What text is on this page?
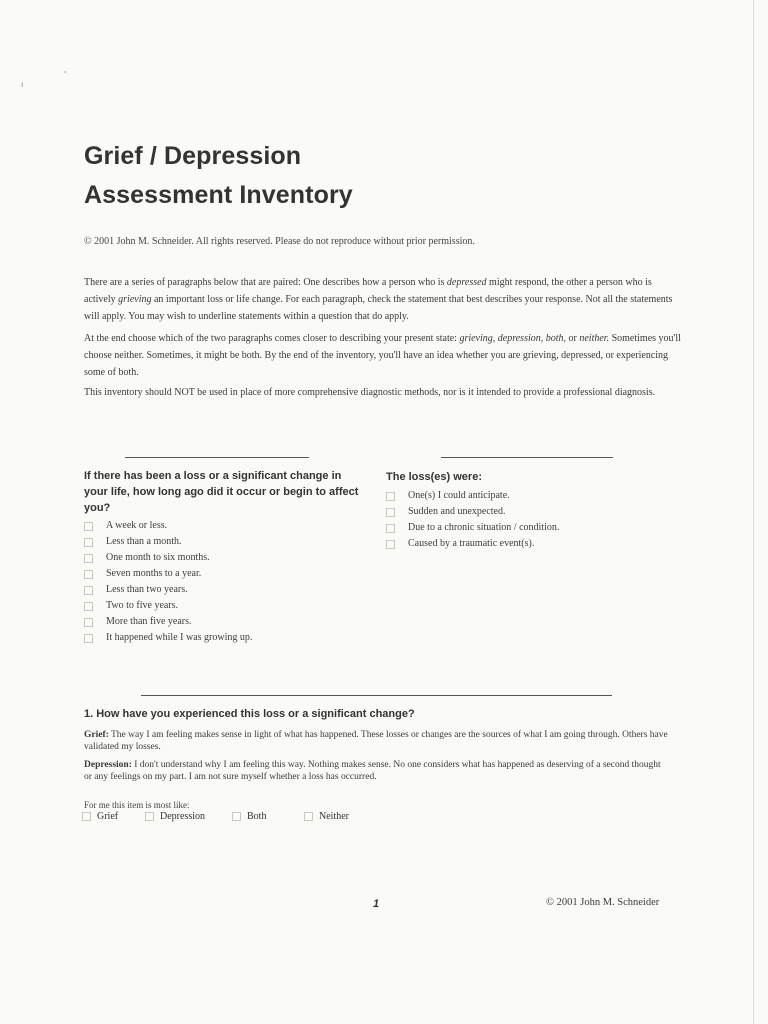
ı
'
Grief / Depression
Assessment Inventory
© 2001 John M. Schneider. All rights reserved. Please do not reproduce without prior permission.

There are a series of paragraphs below that are paired: One describes how a person who is depressed might respond, the other a person who is actively grieving an important loss or life change. For each paragraph, check the statement that best describes your response. Not all the statements will apply. You may wish to underline statements within a question that do apply.

At the end choose which of the two paragraphs comes closer to describing your present state: grieving, depression, both, or neither. Sometimes you'll choose neither. Sometimes, it might be both. By the end of the inventory, you'll have an idea whether you are grieving, depressed, or experiencing some of both.

This inventory should NOT be used in place of more comprehensive diagnostic methods, nor is it intended to provide a professional diagnosis.

If there has been a loss or a significant change in your life, how long ago did it occur or begin to affect you?
A week or less.
Less than a month.
One month to six months.
Seven months to a year.
Less than two years.
Two to five years.
More than five years.
It happened while I was growing up.
The loss(es) were:
One(s) I could anticipate.
Sudden and unexpected.
Due to a chronic situation / condition.
Caused by a traumatic event(s).
1. How have you experienced this loss or a significant change?

Grief: The way I am feeling makes sense in light of what has happened. These losses or changes are the sources of what I am going through. Others have validated my losses.

Depression: I don't understand why I am feeling this way. Nothing makes sense. No one considers what has happened as deserving of a second thought or any feelings on my part. I am not sure myself whether a loss has occurred.

For me this item is most like:
Grief	Depression	Both	Neither
1	© 2001 John M. Schneider
